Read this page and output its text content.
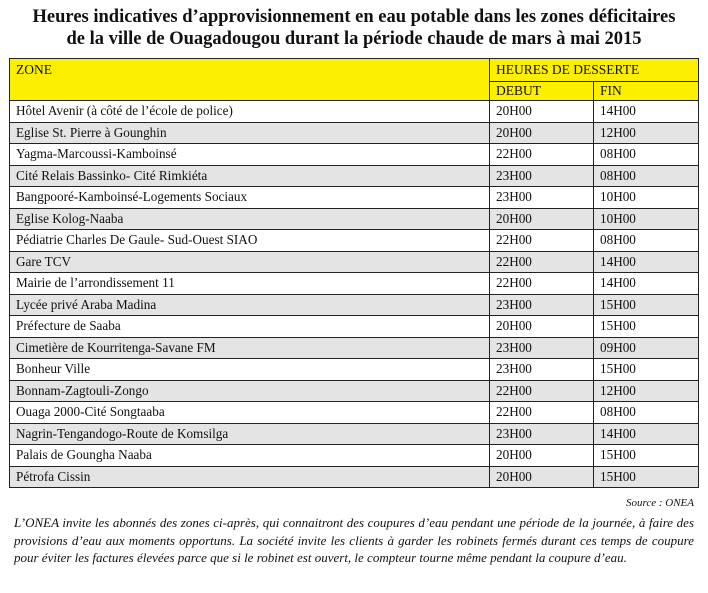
Heures indicatives d’approvisionnement en eau potable dans les zones déficitaires
de la ville de Ouagadougou durant la période chaude de mars à mai 2015
ZONE	HEURES DE DESSERTE	
	DEBUT	FIN
Hôtel Avenir (à côté de l’école de police)	20H00	14H00
Eglise St. Pierre à Gounghin	20H00	12H00
Yagma-Marcoussi-Kamboinsé	22H00	08H00
Cité Relais Bassinko- Cité Rimkiéta	23H00	08H00
Bangpooré-Kamboinsé-Logements Sociaux	23H00	10H00
Eglise Kolog-Naaba	20H00	10H00
Pédiatrie Charles De Gaule- Sud-Ouest SIAO	22H00	08H00
Gare TCV	22H00	14H00
Mairie de l’arrondissement 11	22H00	14H00
Lycée privé Araba Madina	23H00	15H00
Préfecture de Saaba	20H00	15H00
Cimetière de Kourritenga-Savane FM	23H00	09H00
Bonheur Ville	23H00	15H00
Bonnam-Zagtouli-Zongo	22H00	12H00
Ouaga 2000-Cité Songtaaba	22H00	08H00
Nagrin-Tengandogo-Route de Komsilga	23H00	14H00
Palais de Goungha Naaba	20H00	15H00
Pétrofa Cissin	20H00	15H00
Source : ONEA
L’ONEA invite les abonnés des zones ci-après, qui connaitront des coupures d’eau pendant une période de la journée, à faire des provisions d’eau aux moments opportuns. La société invite les clients à garder les robinets fermés durant ces temps de coupure pour éviter les factures élevées parce que si le robinet est ouvert, le compteur tourne même pendant la coupure d’eau.
